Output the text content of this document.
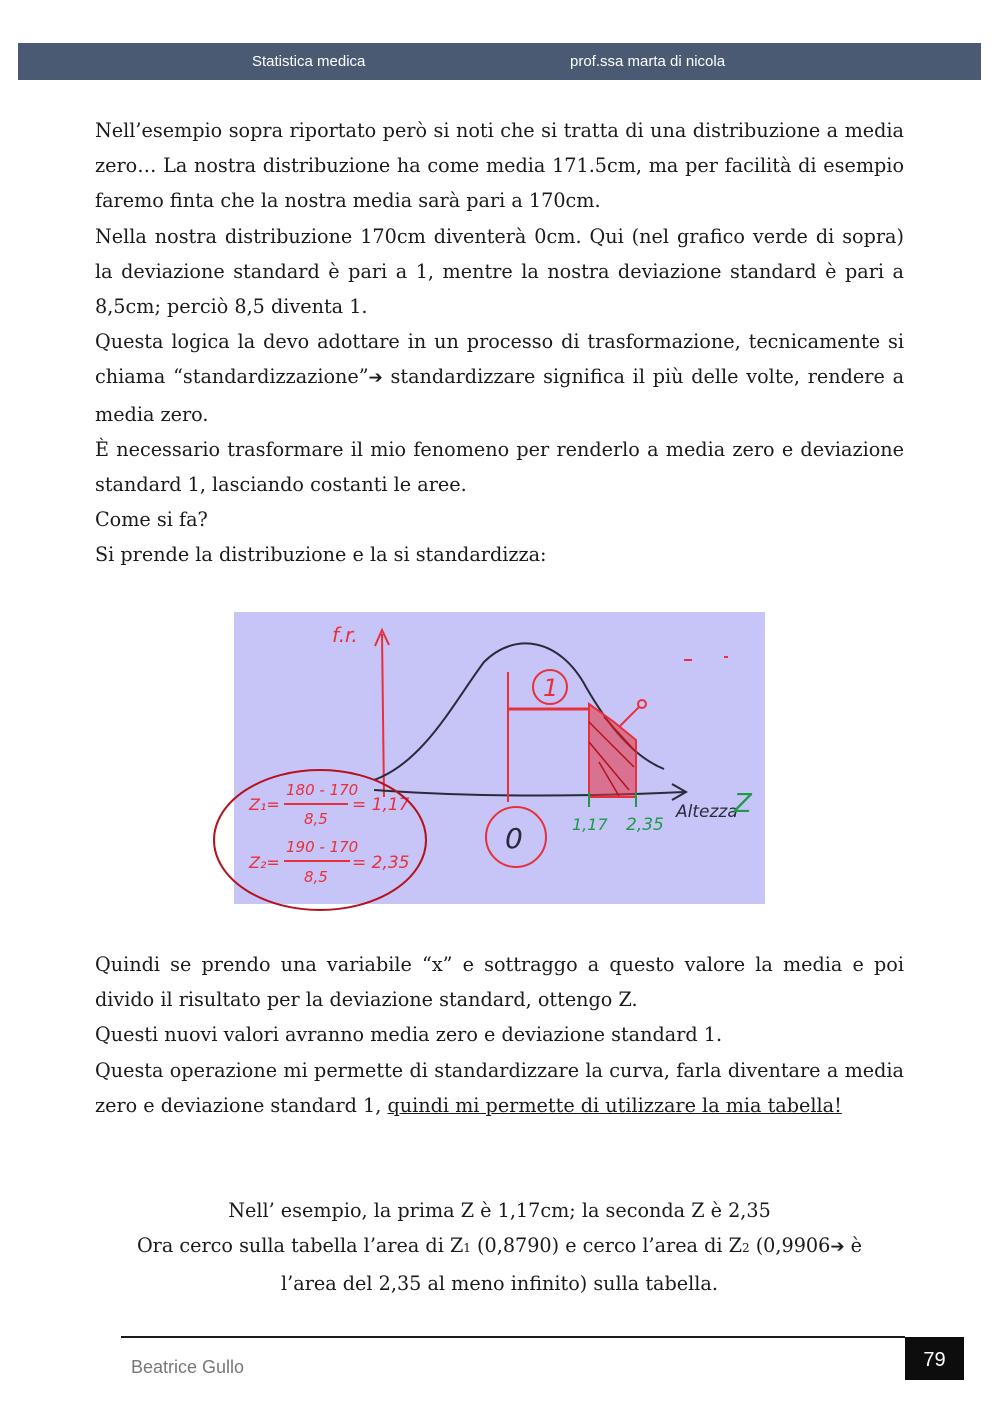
Statistica medica	prof.ssa marta di nicola

Nell’esempio sopra riportato però si noti che si tratta di una distribuzione a media zero… La nostra distribuzione ha come media 171.5cm, ma per facilità di esempio faremo finta che la nostra media sarà pari a 170cm.

Nella nostra distribuzione 170cm diventerà 0cm. Qui (nel grafico verde di sopra) la deviazione standard è pari a 1, mentre la nostra deviazione standard è pari a 8,5cm; perciò 8,5 diventa 1.

Questa logica la devo adottare in un processo di trasformazione, tecnicamente si chiama “standardizzazione”➔ standardizzare significa il più delle volte, rendere a media zero.

È necessario trasformare il mio fenomeno per renderlo a media zero e deviazione standard 1, lasciando costanti le aree.

Come si fa?

Si prende la distribuzione e la si standardizza:

f.r.
Altezza
Z
1
1,17 2,35
0
Z₁=
180 - 170
8,5
= 1,17
Z₂=
190 - 170
8,5
= 2,35

Quindi se prendo una variabile “x” e sottraggo a questo valore la media e poi divido il risultato per la deviazione standard, ottengo Z.

Questi nuovi valori avranno media zero e deviazione standard 1.

Questa operazione mi permette di standardizzare la curva, farla diventare a media zero e deviazione standard 1, quindi mi permette di utilizzare la mia tabella!

Nell’ esempio, la prima Z è 1,17cm; la seconda Z è 2,35

Ora cerco sulla tabella l’area di Z1 (0,8790) e cerco l’area di Z2 (0,9906➔ è

l’area del 2,35 al meno infinito) sulla tabella.

Beatrice Gullo	79
